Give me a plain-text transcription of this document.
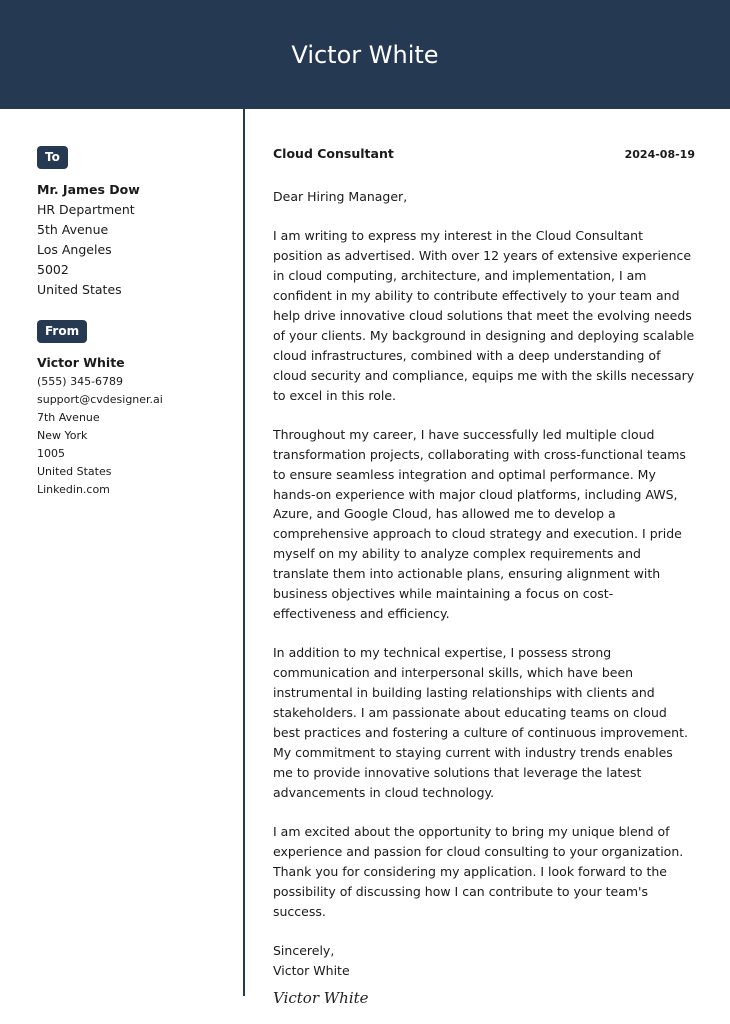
Victor White
To
Mr. James Dow
HR Department
5th Avenue
Los Angeles
5002
United States
From
Victor White
(555) 345-6789
support@cvdesigner.ai
7th Avenue
New York
1005
United States
Linkedin.com
Cloud Consultant	2024-08-19

Dear Hiring Manager,

I am writing to express my interest in the Cloud Consultant position as advertised. With over 12 years of extensive experience in cloud computing, architecture, and implementation, I am confident in my ability to contribute effectively to your team and help drive innovative cloud solutions that meet the evolving needs of your clients. My background in designing and deploying scalable cloud infrastructures, combined with a deep understanding of cloud security and compliance, equips me with the skills necessary to excel in this role.

Throughout my career, I have successfully led multiple cloud transformation projects, collaborating with cross-functional teams to ensure seamless integration and optimal performance. My hands-on experience with major cloud platforms, including AWS, Azure, and Google Cloud, has allowed me to develop a comprehensive approach to cloud strategy and execution. I pride myself on my ability to analyze complex requirements and translate them into actionable plans, ensuring alignment with business objectives while maintaining a focus on cost-effectiveness and efficiency.

In addition to my technical expertise, I possess strong communication and interpersonal skills, which have been instrumental in building lasting relationships with clients and stakeholders. I am passionate about educating teams on cloud best practices and fostering a culture of continuous improvement. My commitment to staying current with industry trends enables me to provide innovative solutions that leverage the latest advancements in cloud technology.

I am excited about the opportunity to bring my unique blend of experience and passion for cloud consulting to your organization. Thank you for considering my application. I look forward to the possibility of discussing how I can contribute to your team's success.

Sincerely,
Victor White
Victor White
